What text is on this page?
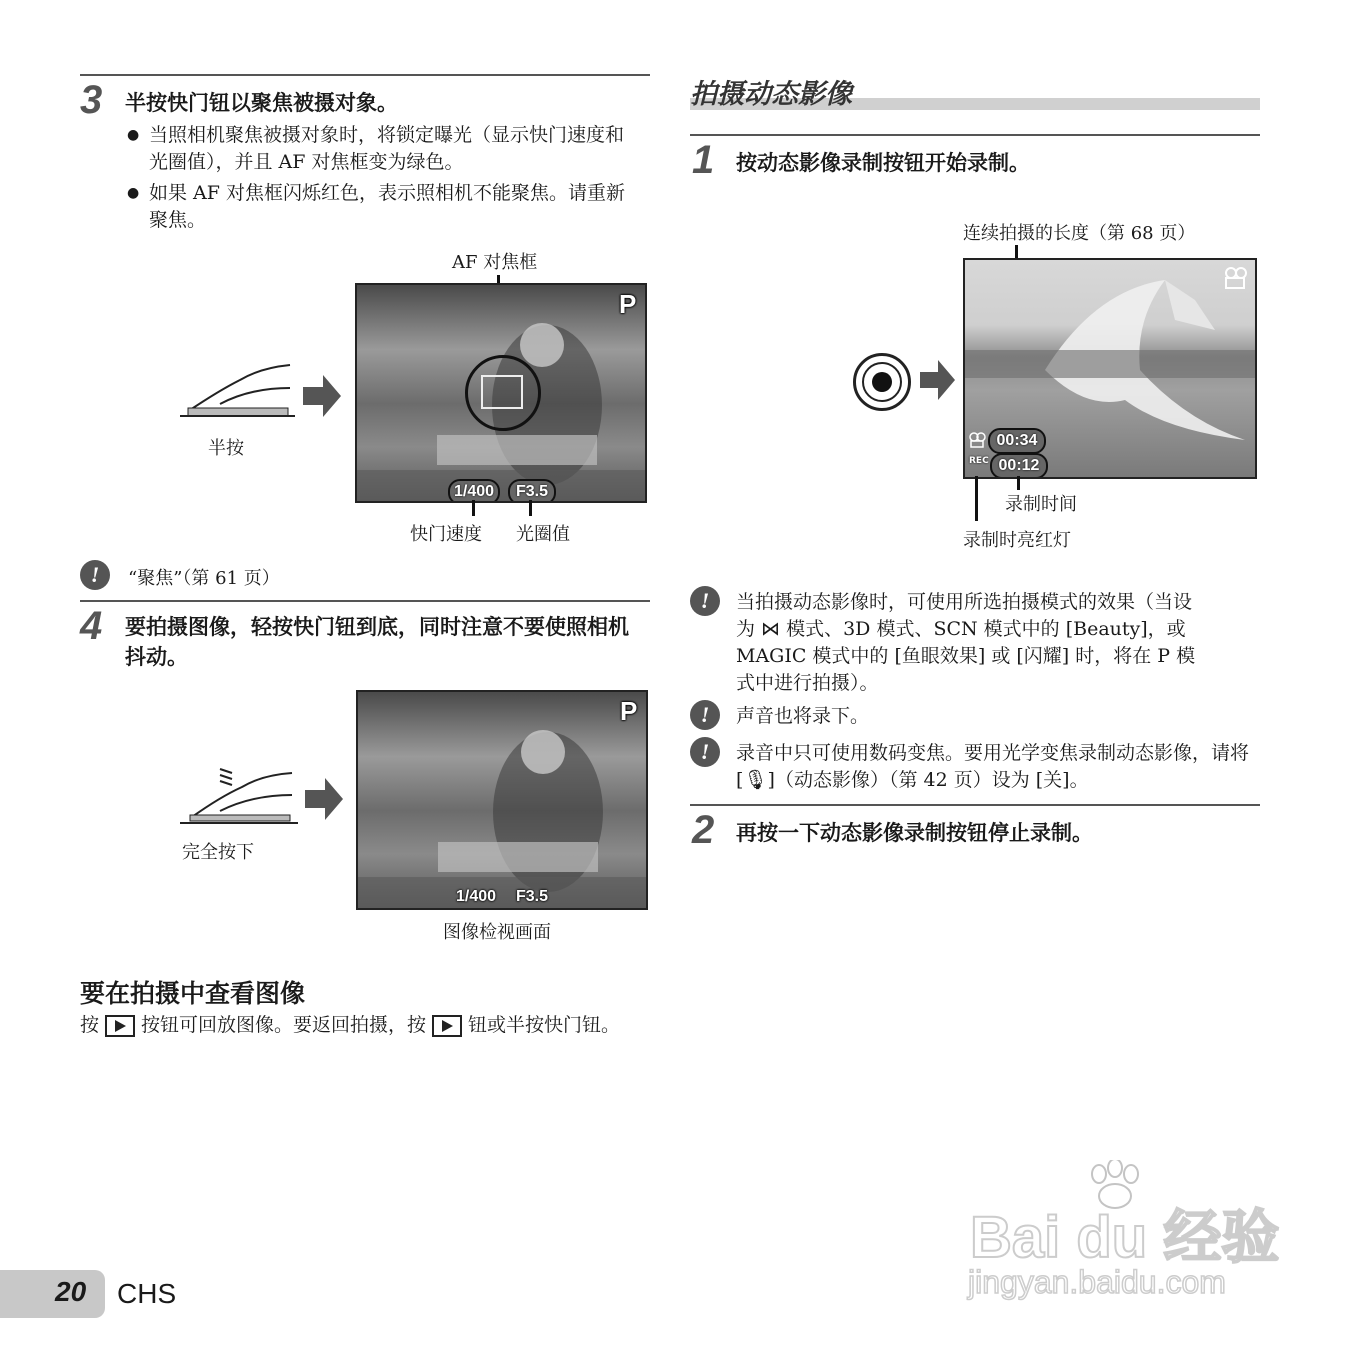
3 半按快门钮以聚焦被摄对象。
● 当照相机聚焦被摄对象时，将锁定曝光（显示快门速度和光圈值），并且 AF 对焦框变为绿色。
● 如果 AF 对焦框闪烁红色，表示照相机不能聚焦。请重新聚焦。
AF 对焦框
半按
P
1/400	F3.5
快门速度 光圈值
!	“聚焦”（第 61 页）
4 要拍摄图像，轻按快门钮到底，同时注意不要使照相机抖动。
完全按下
P
1/400 F3.5
图像检视画面
要在拍摄中查看图像
按 按钮可回放图像。要返回拍摄，按 钮或半按快门钮。
拍摄动态影像
1 按动态影像录制按钮开始录制。
连续拍摄的长度（第 68 页）
00:34
REC 00:12
录制时间
录制时亮红灯
!	当拍摄动态影像时，可使用所选拍摄模式的效果（当设为 ⋈ 模式、3D 模式、SCN 模式中的 [Beauty]，或 MAGIC 模式中的 [鱼眼效果] 或 [闪耀] 时，将在 P 模式中进行拍摄）。
!	声音也将录下。
!	录音中只可使用数码变焦。要用光学变焦录制动态影像，请将 [🎙]（动态影像）（第 42 页）设为 [关]。
2 再按一下动态影像录制按钮停止录制。
20 CHS
Bai du 经验
jingyan.baidu.com
